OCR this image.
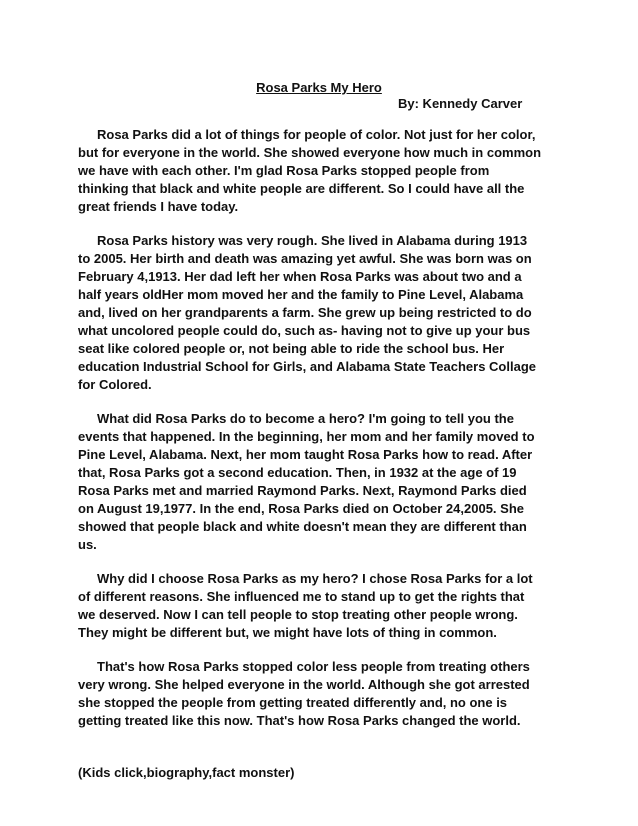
Rosa Parks My Hero
By: Kennedy Carver

Rosa Parks did a lot of things for people of color. Not just for her color,
but for everyone in the world. She showed everyone how much in common
we have with each other. I'm glad Rosa Parks stopped people from
thinking that black and white people are different. So I could have all the
great friends I have today.

Rosa Parks history was very rough. She lived in Alabama during 1913
to 2005. Her birth and death was amazing yet awful. She was born was on
February 4,1913. Her dad left her when Rosa Parks was about two and a
half years oldHer mom moved her and the family to Pine Level, Alabama
and, lived on her grandparents a farm. She grew up being restricted to do
what uncolored people could do, such as- having not to give up your bus
seat like colored people or, not being able to ride the school bus. Her
education Industrial School for Girls, and Alabama State Teachers Collage
for Colored.

What did Rosa Parks do to become a hero? I'm going to tell you the
events that happened. In the beginning, her mom and her family moved to
Pine Level, Alabama. Next, her mom taught Rosa Parks how to read. After
that, Rosa Parks got a second education. Then, in 1932 at the age of 19
Rosa Parks met and married Raymond Parks. Next, Raymond Parks died
on August 19,1977. In the end, Rosa Parks died on October 24,2005. She
showed that people black and white doesn't mean they are different than
us.

Why did I choose Rosa Parks as my hero? I chose Rosa Parks for a lot
of different reasons. She influenced me to stand up to get the rights that
we deserved. Now I can tell people to stop treating other people wrong.
They might be different but, we might have lots of thing in common.

That's how Rosa Parks stopped color less people from treating others
very wrong. She helped everyone in the world. Although she got arrested
she stopped the people from getting treated differently and, no one is
getting treated like this now. That's how Rosa Parks changed the world.

(Kids click,biography,fact monster)
